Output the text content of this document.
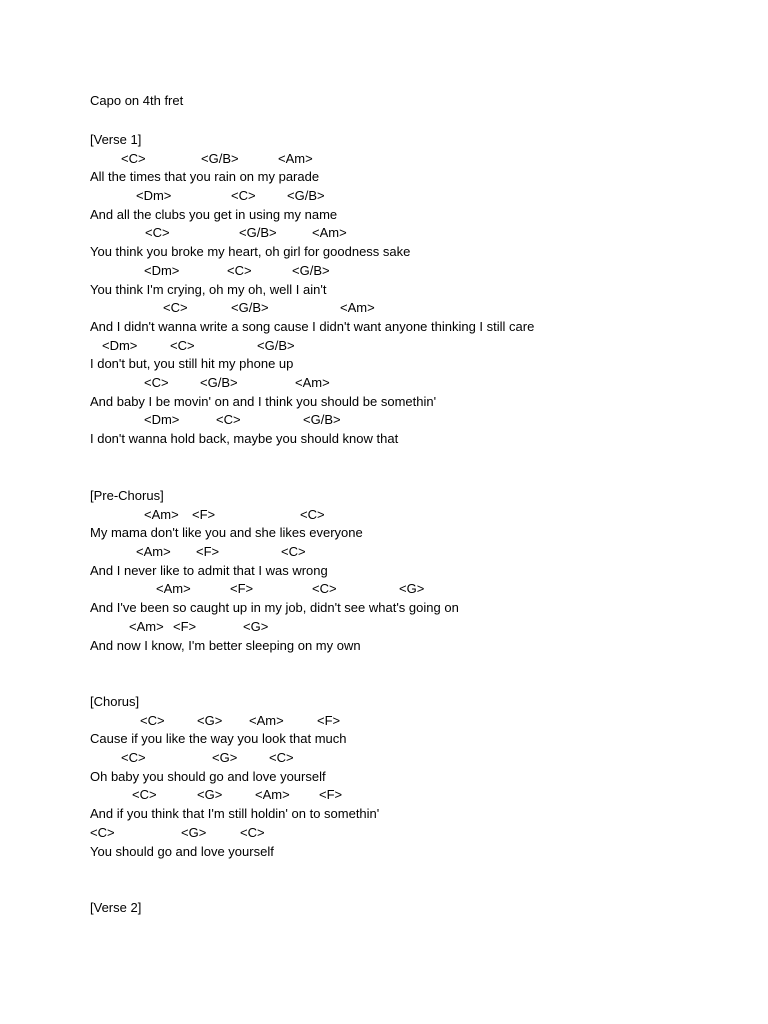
Capo on 4th fret
[Verse 1]
<C>	<G/B>	<Am>
All the times that you rain on my parade
<Dm>	<C> <G/B>
And all the clubs you get in using my name
<C>	<G/B>	<Am>
You think you broke my heart, oh girl for goodness sake
<Dm>	<C>	<G/B>
You think I'm crying, oh my oh, well I ain't
<C>	<G/B>	<Am>
And I didn't wanna write a song cause I didn't want anyone thinking I still care
<Dm>	<C>	<G/B>
I don't but, you still hit my phone up
<C> <G/B>	<Am>
And baby I be movin' on and I think you should be somethin'
<Dm>	<C>	<G/B>
I don't wanna hold back, maybe you should know that
[Pre-Chorus]
<Am> <F>	<C>
My mama don't like you and she likes everyone
<Am> <F>	<C>
And I never like to admit that I was wrong
<Am>	<F>	<C>	<G>
And I've been so caught up in my job, didn't see what's going on
<Am> <F>	<G>
And now I know, I'm better sleeping on my own
[Chorus]
<C> <G> <Am>	<F>
Cause if you like the way you look that much
<C>	<G> <C>
Oh baby you should go and love yourself
<C>	<G>	<Am> <F>
And if you think that I'm still holdin' on to somethin'
<C>	<G>	<C>
You should go and love yourself
[Verse 2]
